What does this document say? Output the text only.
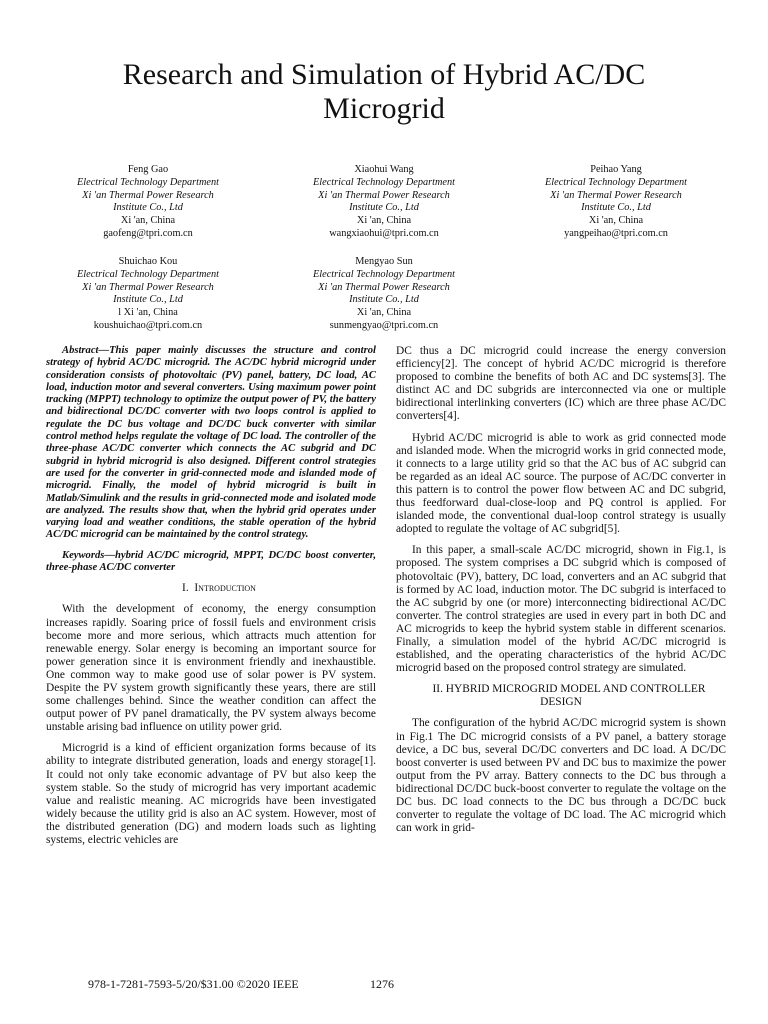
Research and Simulation of Hybrid AC/DC Microgrid
Feng Gao
Electrical Technology Department
Xi 'an Thermal Power Research
Institute Co., Ltd
Xi 'an, China
gaofeng@tpri.com.cn
Xiaohui Wang
Electrical Technology Department
Xi 'an Thermal Power Research
Institute Co., Ltd
Xi 'an, China
wangxiaohui@tpri.com.cn
Peihao Yang
Electrical Technology Department
Xi 'an Thermal Power Research
Institute Co., Ltd
Xi 'an, China
yangpeihao@tpri.com.cn
Shuichao Kou
Electrical Technology Department
Xi 'an Thermal Power Research
Institute Co., Ltd
l Xi 'an, China
koushuichao@tpri.com.cn
Mengyao Sun
Electrical Technology Department
Xi 'an Thermal Power Research
Institute Co., Ltd
Xi 'an, China
sunmengyao@tpri.com.cn

Abstract—This paper mainly discusses the structure and control strategy of hybrid AC/DC microgrid. The AC/DC hybrid microgrid under consideration consists of photovoltaic (PV) panel, battery, DC load, AC load, induction motor and several converters. Using maximum power point tracking (MPPT) technology to optimize the output power of PV, the battery and bidirectional DC/DC converter with two loops control is applied to regulate the DC bus voltage and DC/DC buck converter with similar control method helps regulate the voltage of DC load. The controller of the three-phase AC/DC converter which connects the AC subgrid and DC subgrid in hybrid microgrid is also designed. Different control strategies are used for the converter in grid-connected mode and islanded mode of microgrid. Finally, the model of hybrid microgrid is built in Matlab/Simulink and the results in grid-connected mode and isolated mode are analyzed. The results show that, when the hybrid grid operates under varying load and weather conditions, the stable operation of the hybrid AC/DC microgrid can be maintained by the control strategy.

Keywords—hybrid AC/DC microgrid, MPPT, DC/DC boost converter, three-phase AC/DC converter

I. Introduction

With the development of economy, the energy consumption increases rapidly. Soaring price of fossil fuels and environment crisis become more and more serious, which attracts much attention for renewable energy. Solar energy is becoming an important source for power generation since it is environment friendly and inexhaustible. One common way to make good use of solar power is PV system. Despite the PV system growth significantly these years, there are still some challenges behind. Since the weather condition can affect the output power of PV panel dramatically, the PV system always become unstable arising bad influence on utility power grid.

Microgrid is a kind of efficient organization forms because of its ability to integrate distributed generation, loads and energy storage[1]. It could not only take economic advantage of PV but also keep the system stable. So the study of microgrid has very important academic value and realistic meaning. AC microgrids have been investigated widely because the utility grid is also an AC system. However, most of the distributed generation (DG) and modern loads such as lighting systems, electric vehicles are

DC thus a DC microgrid could increase the energy conversion efficiency[2]. The concept of hybrid AC/DC microgrid is therefore proposed to combine the benefits of both AC and DC systems[3]. The distinct AC and DC subgrids are interconnected via one or multiple bidirectional interlinking converters (IC) which are three phase AC/DC converters[4].

Hybrid AC/DC microgrid is able to work as grid connected mode and islanded mode. When the microgrid works in grid connected mode, it connects to a large utility grid so that the AC bus of AC subgrid can be regarded as an ideal AC source. The purpose of AC/DC converter in this pattern is to control the power flow between AC and DC subgrid, thus feedforward dual-close-loop and PQ control is applied. For islanded mode, the conventional dual-loop control strategy is usually adopted to regulate the voltage of AC subgrid[5].

In this paper, a small-scale AC/DC microgrid, shown in Fig.1, is proposed. The system comprises a DC subgrid which is composed of photovoltaic (PV), battery, DC load, converters and an AC subgrid that is formed by AC load, induction motor. The DC subgrid is interfaced to the AC subgrid by one (or more) interconnecting bidirectional AC/DC converter. The control strategies are used in every part in both DC and AC microgrids to keep the hybrid system stable in different scenarios. Finally, a simulation model of the hybrid AC/DC microgrid is established, and the operating characteristics of the hybrid AC/DC microgrid based on the proposed control strategy are simulated.

II. HYBRID MICROGRID MODEL AND CONTROLLER DESIGN

The configuration of the hybrid AC/DC microgrid system is shown in Fig.1 The DC microgrid consists of a PV panel, a battery storage device, a DC bus, several DC/DC converters and DC load. A DC/DC boost converter is used between PV and DC bus to maximize the power output from the PV array. Battery connects to the DC bus through a bidirectional DC/DC buck-boost converter to regulate the voltage on the DC bus. DC load connects to the DC bus through a DC/DC buck converter to regulate the voltage of DC load. The AC microgrid which can work in grid-

978-1-7281-7593-5/20/$31.00 ©2020 IEEE	1276
